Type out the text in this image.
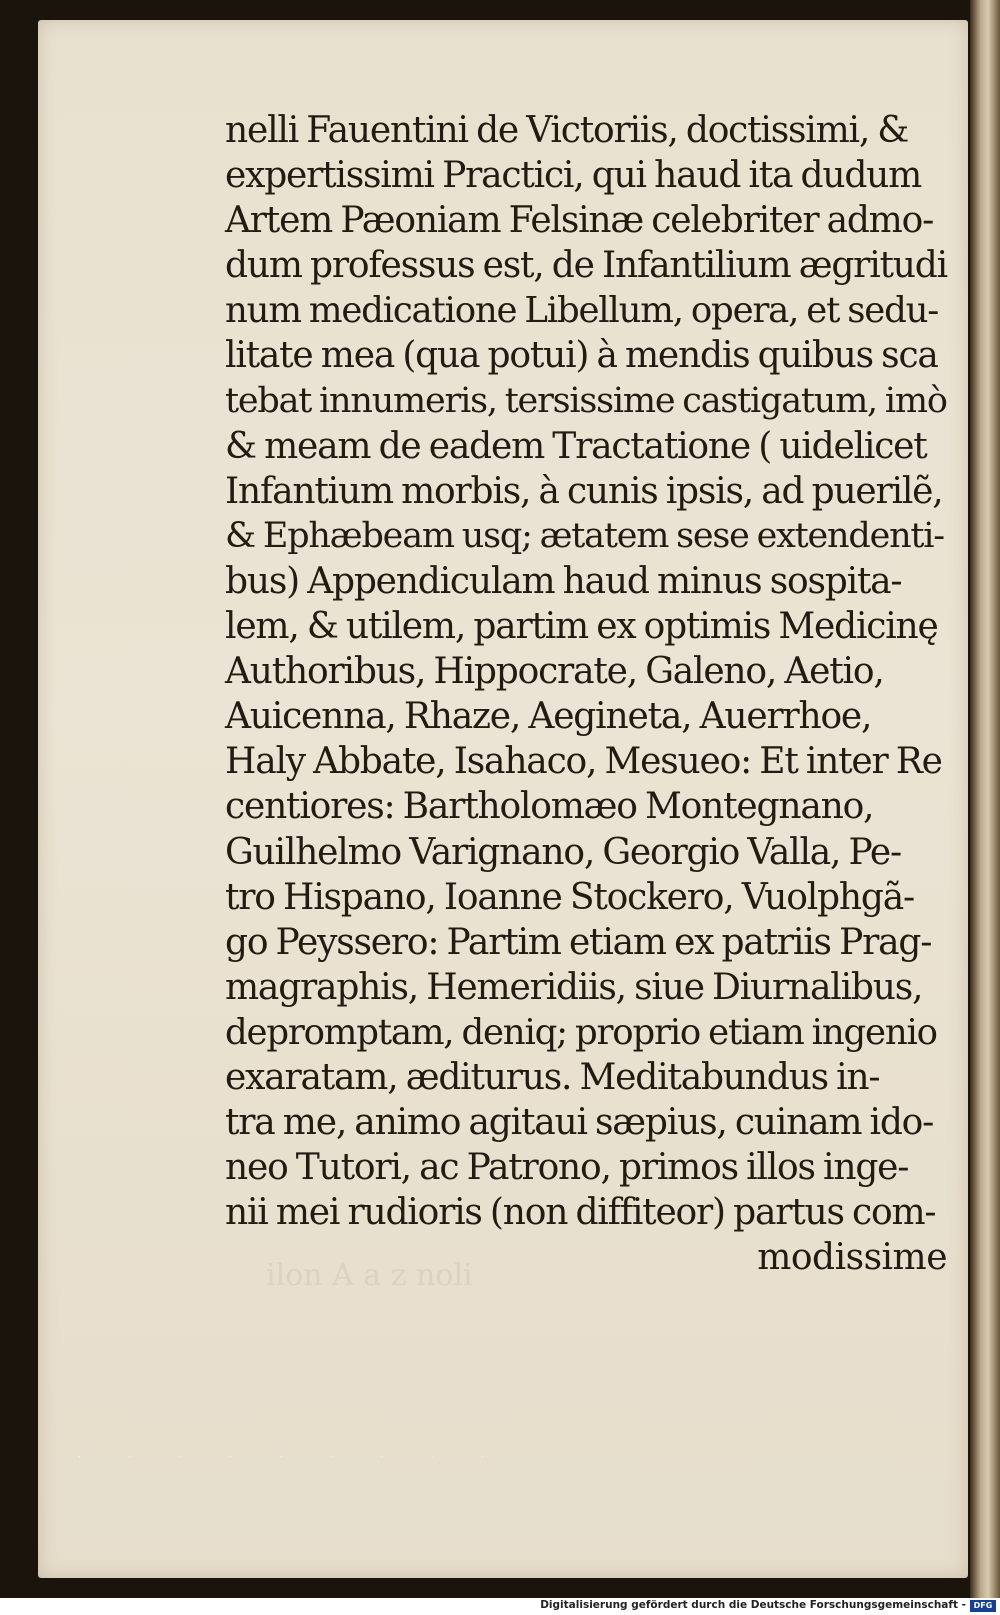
ilon A a z noli
· · · · · · · · ·
nelli Fauentini de Victoriis, doctissimi, &
expertissimi Practici, qui haud ita dudum
Artem Pæoniam Felsinæ celebriter admo-
dum professus est, de Infantilium ægritudi
num medicatione Libellum, opera, et sedu-
litate mea (qua potui) à mendis quibus sca
tebat innumeris, tersissime castigatum, imò
& meam de eadem Tractatione ( uidelicet
Infantium morbis, à cunis ipsis, ad puerilẽ,
& Ephæbeam usq; ætatem sese extendenti-
bus) Appendiculam haud minus sospita-
lem, & utilem, partim ex optimis Medicinę
Authoribus, Hippocrate, Galeno, Aetio,
Auicenna, Rhaze, Aegineta, Auerrhoe,
Haly Abbate, Isahaco, Mesueo: Et inter Re
centiores: Bartholomæo Montegnano,
Guilhelmo Varignano, Georgio Valla, Pe-
tro Hispano, Ioanne Stockero, Vuolphgã-
go Peyssero: Partim etiam ex patriis Prag-
magraphis, Hemeridiis, siue Diurnalibus,
depromptam, deniq; proprio etiam ingenio
exaratam, æditurus. Meditabundus in-
tra me, animo agitaui sæpius, cuinam ido-
neo Tutori, ac Patrono, primos illos inge-
nii mei rudioris (non diffiteor) partus com-
modissime
Digitalisierung gefördert durch die Deutsche Forschungsgemeinschaft - DFG
